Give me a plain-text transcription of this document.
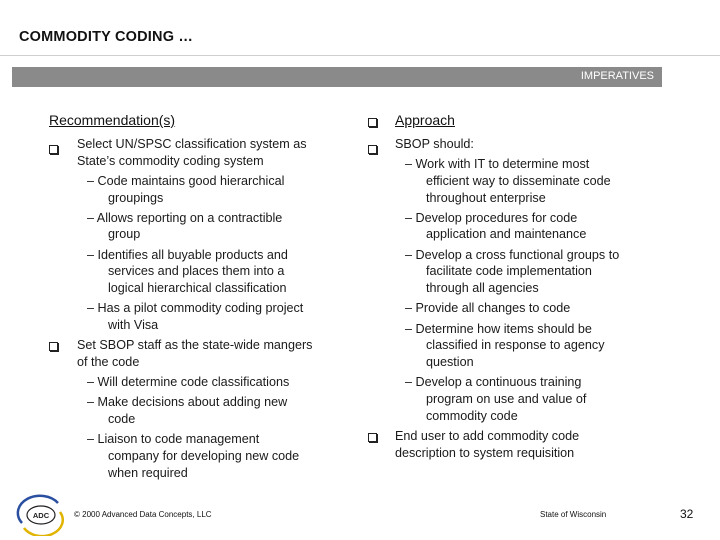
COMMODITY CODING …
IMPERATIVES
Recommendation(s)
Select UN/SPSC classification system as
State’s commodity coding system
– Code maintains good hierarchical
groupings
– Allows reporting on a contractible
group
– Identifies all buyable products and
services and places them into a
logical hierarchical classification
– Has a pilot commodity coding project
with Visa
Set SBOP staff as the state-wide mangers
of the code
– Will determine code classifications
– Make decisions about adding new
code
– Liaison to code management
company for developing new code
when required
Approach
SBOP should:
– Work with IT to determine most
efficient way to disseminate code
throughout enterprise
– Develop procedures for code
application and maintenance
– Develop a cross functional groups to
facilitate code implementation
through all agencies
– Provide all changes to code
– Determine how items should be
classified in response to agency
question
– Develop a continuous training
program on use and value of
commodity code
End user to add commodity code
description to system requisition
ADC	© 2000 Advanced Data Concepts, LLC	State of Wisconsin	32
